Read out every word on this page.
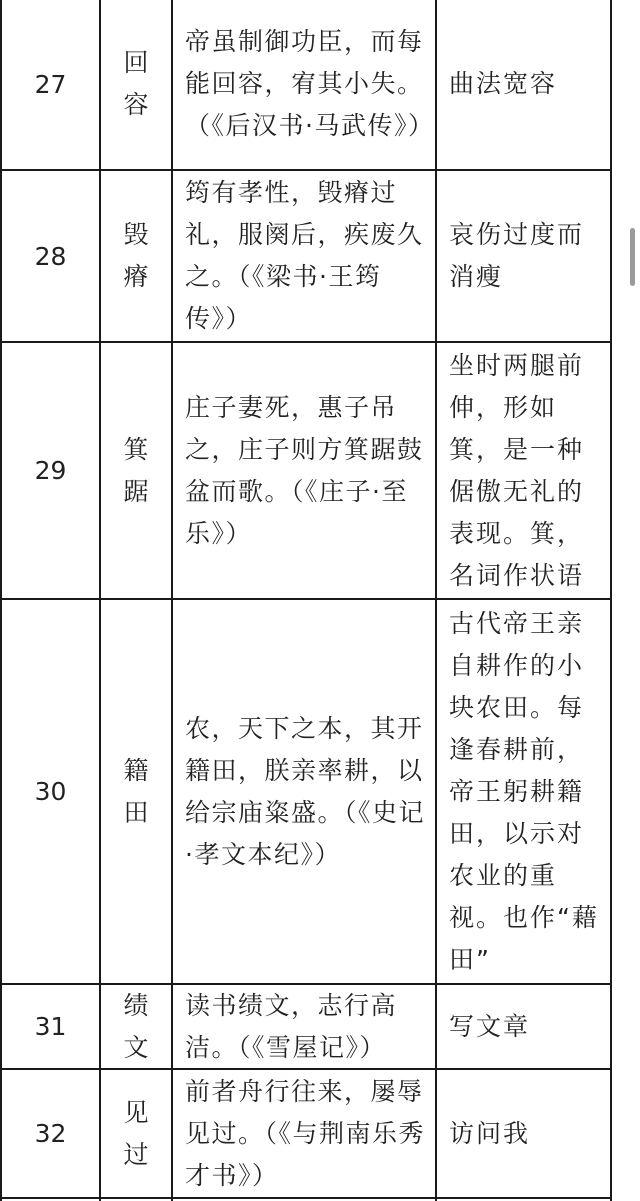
27
回容
帝虽制御功臣，而每能回容，宥其小失。（《后汉书·马武传》）
曲法宽容
28
毁瘠
筠有孝性，毁瘠过礼，服阕后，疾废久之。（《梁书·王筠传》）
哀伤过度而消瘦
29
箕踞
庄子妻死，惠子吊之，庄子则方箕踞鼓盆而歌。（《庄子·至乐》）
坐时两腿前伸，形如箕，是一种倨傲无礼的表现。箕，名词作状语
30
籍田
农，天下之本，其开籍田，朕亲率耕，以给宗庙粢盛。（《史记·孝文本纪》）
古代帝王亲自耕作的小块农田。每逢春耕前，帝王躬耕籍田，以示对农业的重视。也作“藉田”
31
绩文
读书绩文，志行高洁。（《雪屋记》）
写文章
32
见过
前者舟行往来，屡辱见过。（《与荆南乐秀才书》）
访问我
